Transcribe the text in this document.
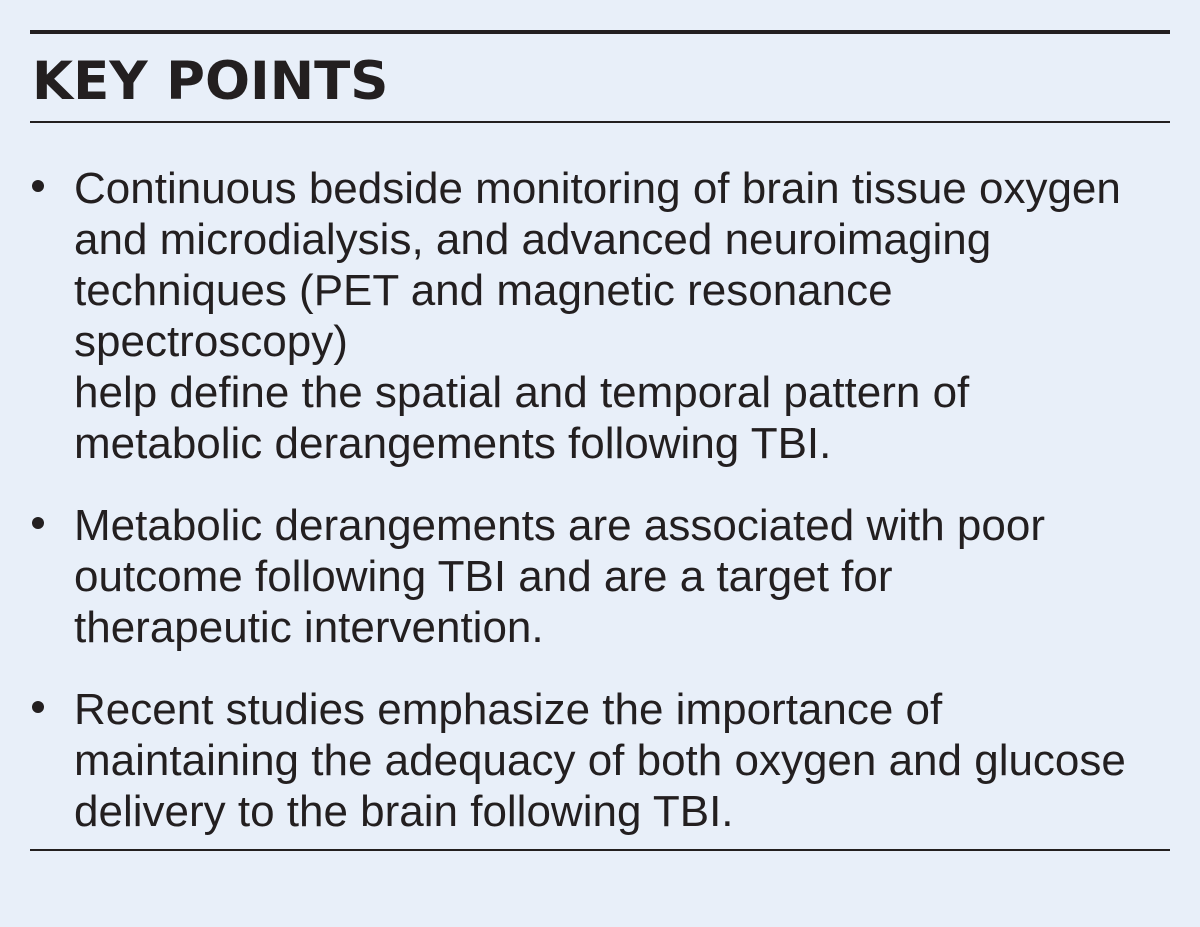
KEY POINTS
Continuous bedside monitoring of brain tissue oxygen
and microdialysis, and advanced neuroimaging
techniques (PET and magnetic resonance spectroscopy)
help define the spatial and temporal pattern of
metabolic derangements following TBI.
Metabolic derangements are associated with poor
outcome following TBI and are a target for
therapeutic intervention.
Recent studies emphasize the importance of
maintaining the adequacy of both oxygen and glucose
delivery to the brain following TBI.
